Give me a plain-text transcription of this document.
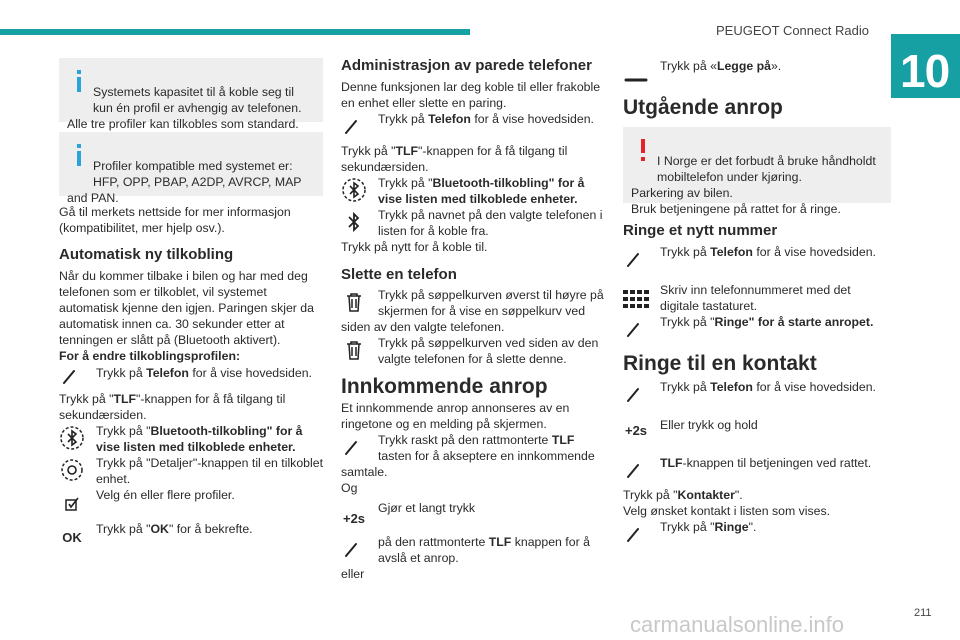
PEUGEOT Connect Radio
10

Systemets kapasitet til å koble seg til kun én profil er avhengig av telefonen.

Alle tre profiler kan tilkobles som standard.

Profiler kompatible med systemet er: HFP, OPP, PBAP, A2DP, AVRCP, MAP

and PAN.

Gå til merkets nettside for mer informasjon (kompatibilitet, mer hjelp osv.).

Automatisk ny tilkobling

Når du kommer tilbake i bilen og har med deg telefonen som er tilkoblet, vil systemet automatisk kjenne den igjen. Paringen skjer da automatisk innen ca. 30 sekunder etter at tenningen er slått på (Bluetooth aktivert).

For å endre tilkoblingsprofilen:

Trykk på Telefon for å vise hovedsiden.

Trykk på "TLF"-knappen for å få tilgang til sekundærsiden.

Trykk på "Bluetooth-tilkobling" for å vise listen med tilkoblede enheter.

Trykk på "Detaljer"-knappen til en tilkoblet enhet.

Velg én eller flere profiler.

OK

Trykk på "OK" for å bekrefte.

Administrasjon av parede telefoner

Denne funksjonen lar deg koble til eller frakoble en enhet eller slette en paring.

Trykk på Telefon for å vise hovedsiden.

Trykk på "TLF"-knappen for å få tilgang til sekundærsiden.

Trykk på "Bluetooth-tilkobling" for å vise listen med tilkoblede enheter.

Trykk på navnet på den valgte telefonen i listen for å koble fra.

Trykk på nytt for å koble til.

Slette en telefon

Trykk på søppelkurven øverst til høyre på skjermen for å vise en søppelkurv ved

siden av den valgte telefonen.

Trykk på søppelkurven ved siden av den valgte telefonen for å slette denne.

Innkommende anrop

Et innkommende anrop annonseres av en ringetone og en melding på skjermen.

Trykk raskt på den rattmonterte TLF tasten for å akseptere en innkommende

samtale.

Og

+2s

Gjør et langt trykk

på den rattmonterte TLF knappen for å avslå et anrop.

eller

Trykk på «Legge på».

Utgående anrop

I Norge er det forbudt å bruke håndholdt mobiltelefon under kjøring.

Parkering av bilen.

Bruk betjeningene på rattet for å ringe.

Ringe et nytt nummer

Trykk på Telefon for å vise hovedsiden.

Skriv inn telefonnummeret med det digitale tastaturet.

Trykk på "Ringe" for å starte anropet.

Ringe til en kontakt

Trykk på Telefon for å vise hovedsiden.

+2s Eller trykk og hold

TLF-knappen til betjeningen ved rattet.

Trykk på "Kontakter".

Velg ønsket kontakt i listen som vises.

Trykk på "Ringe".

carmanualsonline.info	211
